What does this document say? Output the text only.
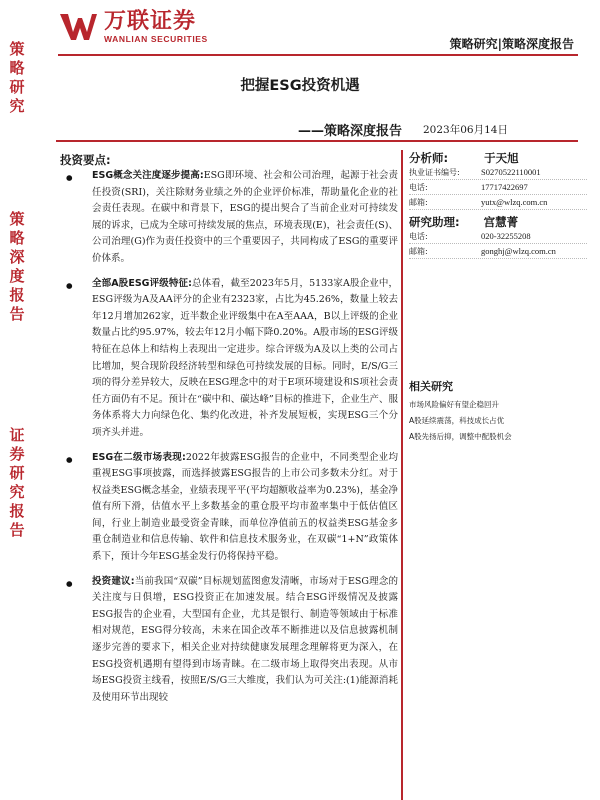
万联证券
WANLIAN SECURITIES	策略研究|策略深度报告
策
略
研
究
策
略
深
度
报
告
证
券
研
究
报
告
把握ESG投资机遇
——策略深度报告 2023年06月14日
投资要点:
● ESG概念关注度逐步提高:ESG即环境、社会和公司治理，起源于社会责任投资(SRI)，关注除财务业绩之外的企业评价标准，帮助量化企业的社会责任表现。在碳中和背景下，ESG的提出契合了当前企业对可持续发展的诉求，已成为全球可持续发展的焦点，环境表现(E)，社会责任(S)、公司治理(G)作为责任投资中的三个重要因子，共同构成了ESG的重要评价体系。
● 全部A股ESG评级特征:总体看，截至2023年5月，5133家A股企业中，ESG评级为A及AA评分的企业有2323家，占比为45.26%，数量上较去年12月增加262家，近半数企业评级集中在A至AAA，B以上评级的企业数量占比约95.97%，较去年12月小幅下降0.20%。A股市场的ESG评级特征在总体上和结构上表现出一定进步。综合评级为A及以上类的公司占比增加，契合现阶段经济转型和绿色可持续发展的目标。同时，E/S/G三项的得分差异较大，反映在ESG理念中的对于E项环境建设和S项社会责任方面仍有不足。预计在“碳中和、碳达峰”目标的推进下，企业生产、服务体系将大力向绿色化、集约化改进，补齐发展短板，实现ESG三个分项齐头并进。
● ESG在二级市场表现:2022年披露ESG报告的企业中，不同类型企业均重视ESG事项披露，而选择披露ESG报告的上市公司多数未分红。对于权益类ESG概念基金，业绩表现平平(平均超额收益率为0.23%)，基金净值有所下滑，估值水平上多数基金的重仓股平均市盈率集中于低估值区间，行业上制造业最受资金青睐，而单位净值前五的权益类ESG基金多重仓制造业和信息传输、软件和信息技术服务业，在双碳“1+N”政策体系下，预计今年ESG基金发行仍将保持平稳。
● 投资建议:当前我国“双碳”目标规划蓝图愈发清晰，市场对于ESG理念的关注度与日俱增，ESG投资正在加速发展。结合ESG评级情况及披露ESG报告的企业看，大型国有企业，尤其是银行、制造等领域由于标准相对规范，ESG得分较高，未来在国企改革不断推进以及信息披露机制逐步完善的要求下，相关企业对持续健康发展理念理解将更为深入，在ESG投资机遇期有望得到市场青睐。在二级市场上取得突出表现。从市场ESG投资主线看，按照E/S/G三大维度，我们认为可关注:(1)能源消耗及使用环节出现较
分析师:	于天旭
执业证书编号:	S0270522110001
电话:	17717422697
邮箱:	yutx@wlzq.com.cn
研究助理: 宫慧菁
电话:	020-32255208
邮箱:	gonghj@wlzq.com.cn
相关研究
市场风险偏好有望企稳回升
A股延续震荡，科技成长占优
A股先扬后抑，调整中配股机会
